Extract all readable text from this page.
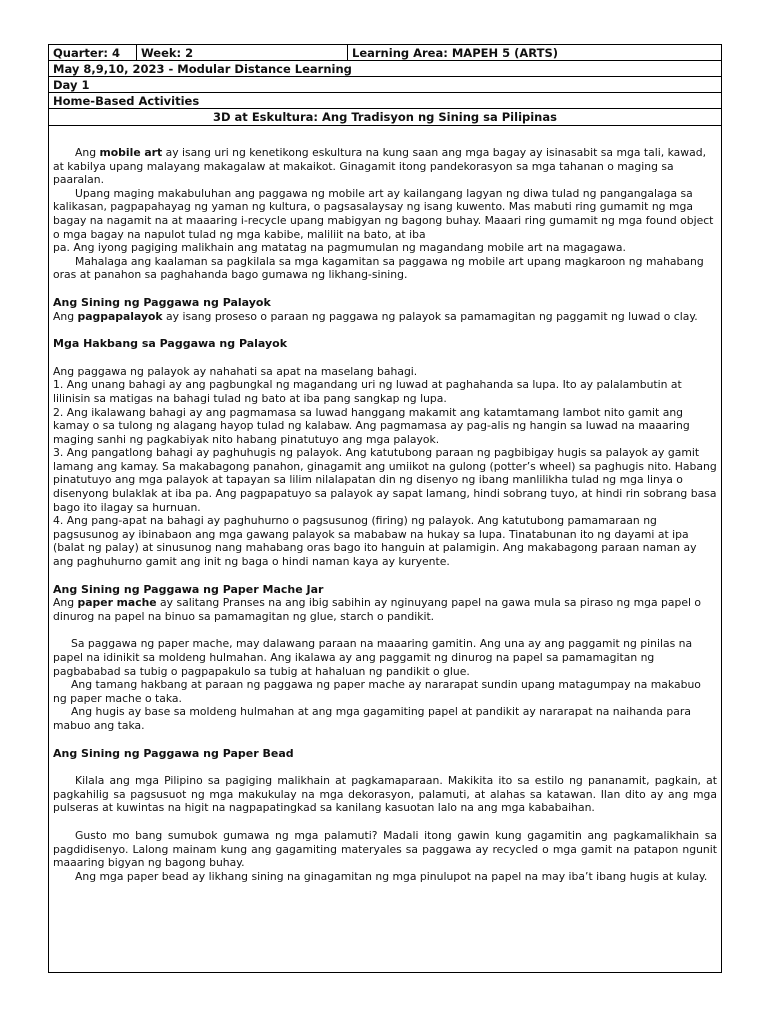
Quarter: 4	Week: 2	Learning Area: MAPEH 5 (ARTS)
May 8,9,10, 2023 - Modular Distance Learning
Day 1
Home-Based Activities
3D at Eskultura: Ang Tradisyon ng Sining sa Pilipinas

Ang mobile art ay isang uri ng kenetikong eskultura na kung saan ang mga bagay ay isinasabit sa mga tali, kawad, at kabilya upang malayang makagalaw at makaikot. Ginagamit itong pandekorasyon sa mga tahanan o maging sa paaralan.

Upang maging makabuluhan ang paggawa ng mobile art ay kailangang lagyan ng diwa tulad ng pangangalaga sa kalikasan, pagpapahayag ng yaman ng kultura, o pagsasalaysay ng isang kuwento. Mas mabuti ring gumamit ng mga bagay na nagamit na at maaaring i-recycle upang mabigyan ng bagong buhay. Maaari ring gumamit ng mga found object o mga bagay na napulot tulad ng mga kabibe, maliliit na bato, at iba

pa. Ang iyong pagiging malikhain ang matatag na pagmumulan ng magandang mobile art na magagawa.

Mahalaga ang kaalaman sa pagkilala sa mga kagamitan sa paggawa ng mobile art upang magkaroon ng mahabang oras at panahon sa paghahanda bago gumawa ng likhang-sining.

Ang Sining ng Paggawa ng Palayok

Ang pagpapalayok ay isang proseso o paraan ng paggawa ng palayok sa pamamagitan ng paggamit ng luwad o clay.

Mga Hakbang sa Paggawa ng Palayok

Ang paggawa ng palayok ay nahahati sa apat na maselang bahagi.

1. Ang unang bahagi ay ang pagbungkal ng magandang uri ng luwad at paghahanda sa lupa. Ito ay palalambutin at lilinisin sa matigas na bahagi tulad ng bato at iba pang sangkap ng lupa.

2. Ang ikalawang bahagi ay ang pagmamasa sa luwad hanggang makamit ang katamtamang lambot nito gamit ang kamay o sa tulong ng alagang hayop tulad ng kalabaw. Ang pagmamasa ay pag-alis ng hangin sa luwad na maaaring maging sanhi ng pagkabiyak nito habang pinatutuyo ang mga palayok.

3. Ang pangatlong bahagi ay paghuhugis ng palayok. Ang katutubong paraan ng pagbibigay hugis sa palayok ay gamit lamang ang kamay. Sa makabagong panahon, ginagamit ang umiikot na gulong (potter’s wheel) sa paghugis nito. Habang pinatutuyo ang mga palayok at tapayan sa lilim nilalapatan din ng disenyo ng ibang manlilikha tulad ng mga linya o disenyong bulaklak at iba pa. Ang pagpapatuyo sa palayok ay sapat lamang, hindi sobrang tuyo, at hindi rin sobrang basa bago ito ilagay sa hurnuan.

4. Ang pang-apat na bahagi ay paghuhurno o pagsusunog (firing) ng palayok. Ang katutubong pamamaraan ng pagsusunog ay ibinabaon ang mga gawang palayok sa mababaw na hukay sa lupa. Tinatabunan ito ng dayami at ipa (balat ng palay) at sinusunog nang mahabang oras bago ito hanguin at palamigin. Ang makabagong paraan naman ay ang paghuhurno gamit ang init ng baga o hindi naman kaya ay kuryente.

Ang Sining ng Paggawa ng Paper Mache Jar

Ang paper mache ay salitang Pranses na ang ibig sabihin ay nginuyang papel na gawa mula sa piraso ng mga papel o dinurog na papel na binuo sa pamamagitan ng glue, starch o pandikit.

Sa paggawa ng paper mache, may dalawang paraan na maaaring gamitin. Ang una ay ang paggamit ng pinilas na papel na idinikit sa moldeng hulmahan. Ang ikalawa ay ang paggamit ng dinurog na papel sa pamamagitan ng pagbababad sa tubig o pagpapakulo sa tubig at hahaluan ng pandikit o glue.

Ang tamang hakbang at paraan ng paggawa ng paper mache ay nararapat sundin upang matagumpay na makabuo ng paper mache o taka.

Ang hugis ay base sa moldeng hulmahan at ang mga gagamiting papel at pandikit ay nararapat na naihanda para mabuo ang taka.

Ang Sining ng Paggawa ng Paper Bead

Kilala ang mga Pilipino sa pagiging malikhain at pagkamaparaan. Makikita ito sa estilo ng pananamit, pagkain, at pagkahilig sa pagsusuot ng mga makukulay na mga dekorasyon, palamuti, at alahas sa katawan. Ilan dito ay ang mga pulseras at kuwintas na higit na nagpapatingkad sa kanilang kasuotan lalo na ang mga kababaihan.

Gusto mo bang sumubok gumawa ng mga palamuti? Madali itong gawin kung gagamitin ang pagkamalikhain sa pagdidisenyo. Lalong mainam kung ang gagamiting materyales sa paggawa ay recycled o mga gamit na patapon ngunit maaaring bigyan ng bagong buhay.

Ang mga paper bead ay likhang sining na ginagamitan ng mga pinulupot na papel na may iba’t ibang hugis at kulay.
